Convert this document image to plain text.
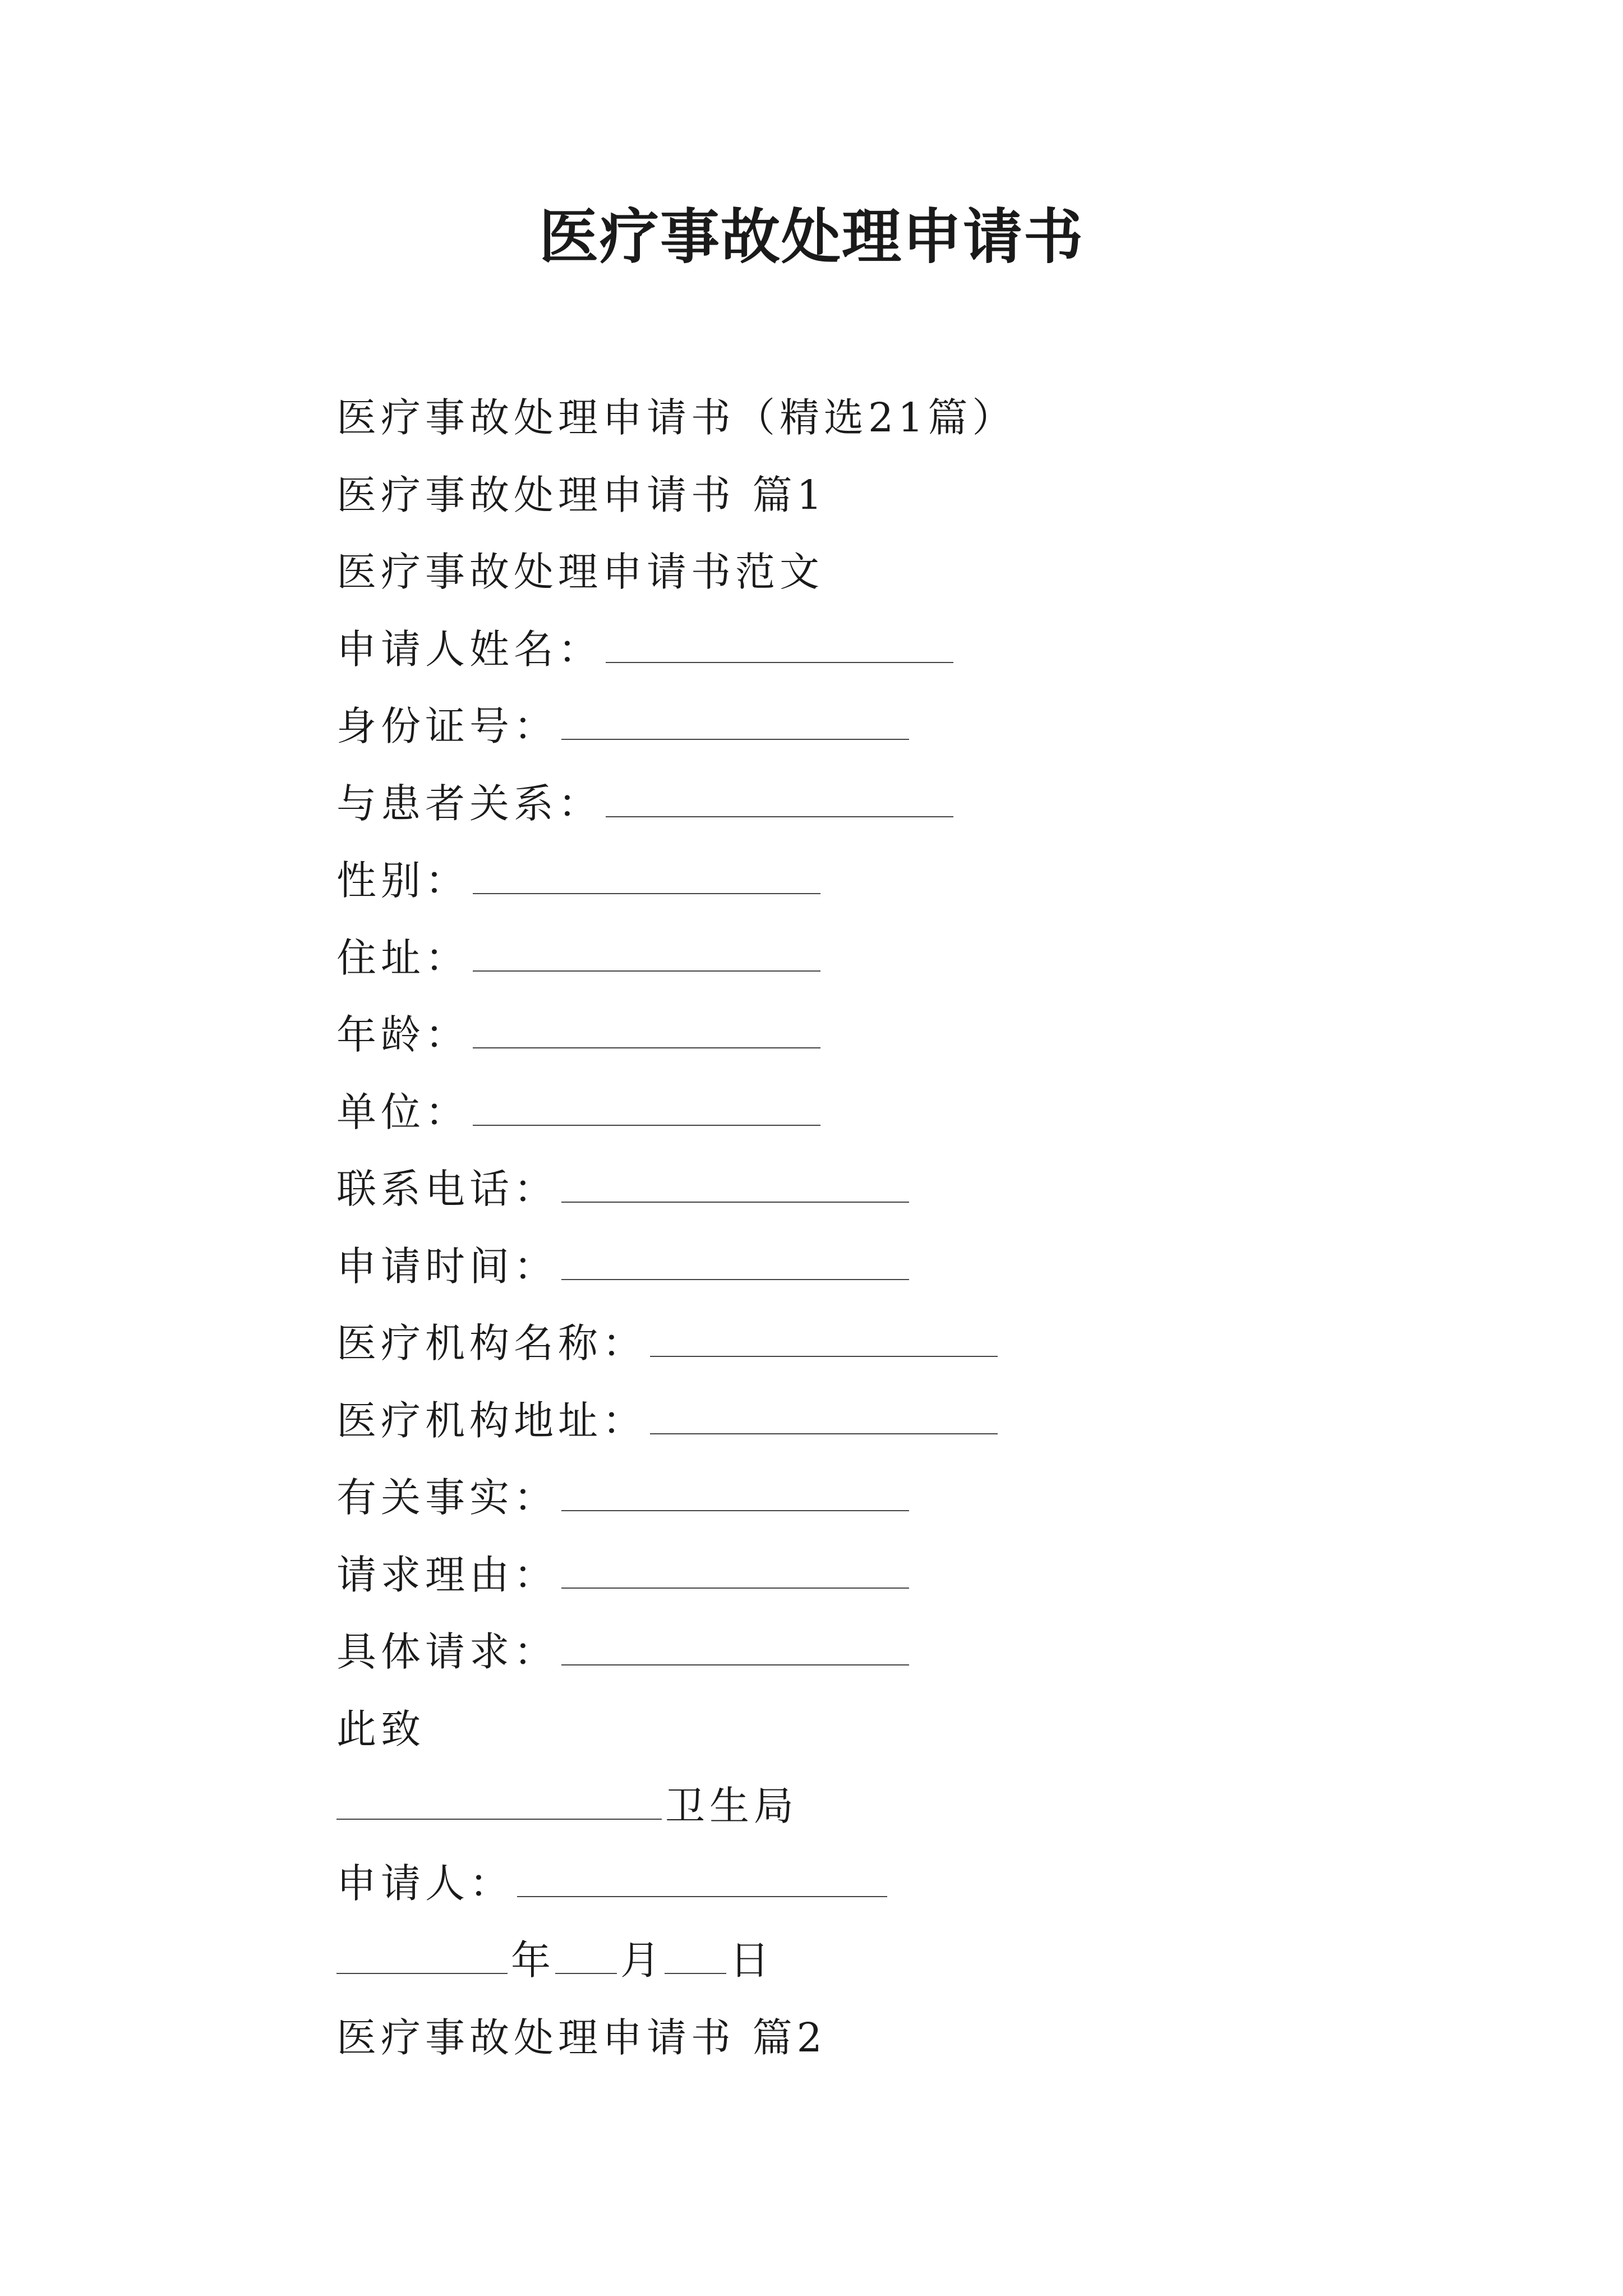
医疗事故处理申请书
医疗事故处理申请书（精选21篇）
医疗事故处理申请书 篇1
医疗事故处理申请书范文
申请人姓名：
身份证号：
与患者关系：
性别：
住址：
年龄：
单位：
联系电话：
申请时间：
医疗机构名称：
医疗机构地址：
有关事实：
请求理由：
具体请求：
此致
卫生局
申请人：
年 月 日
医疗事故处理申请书 篇2
